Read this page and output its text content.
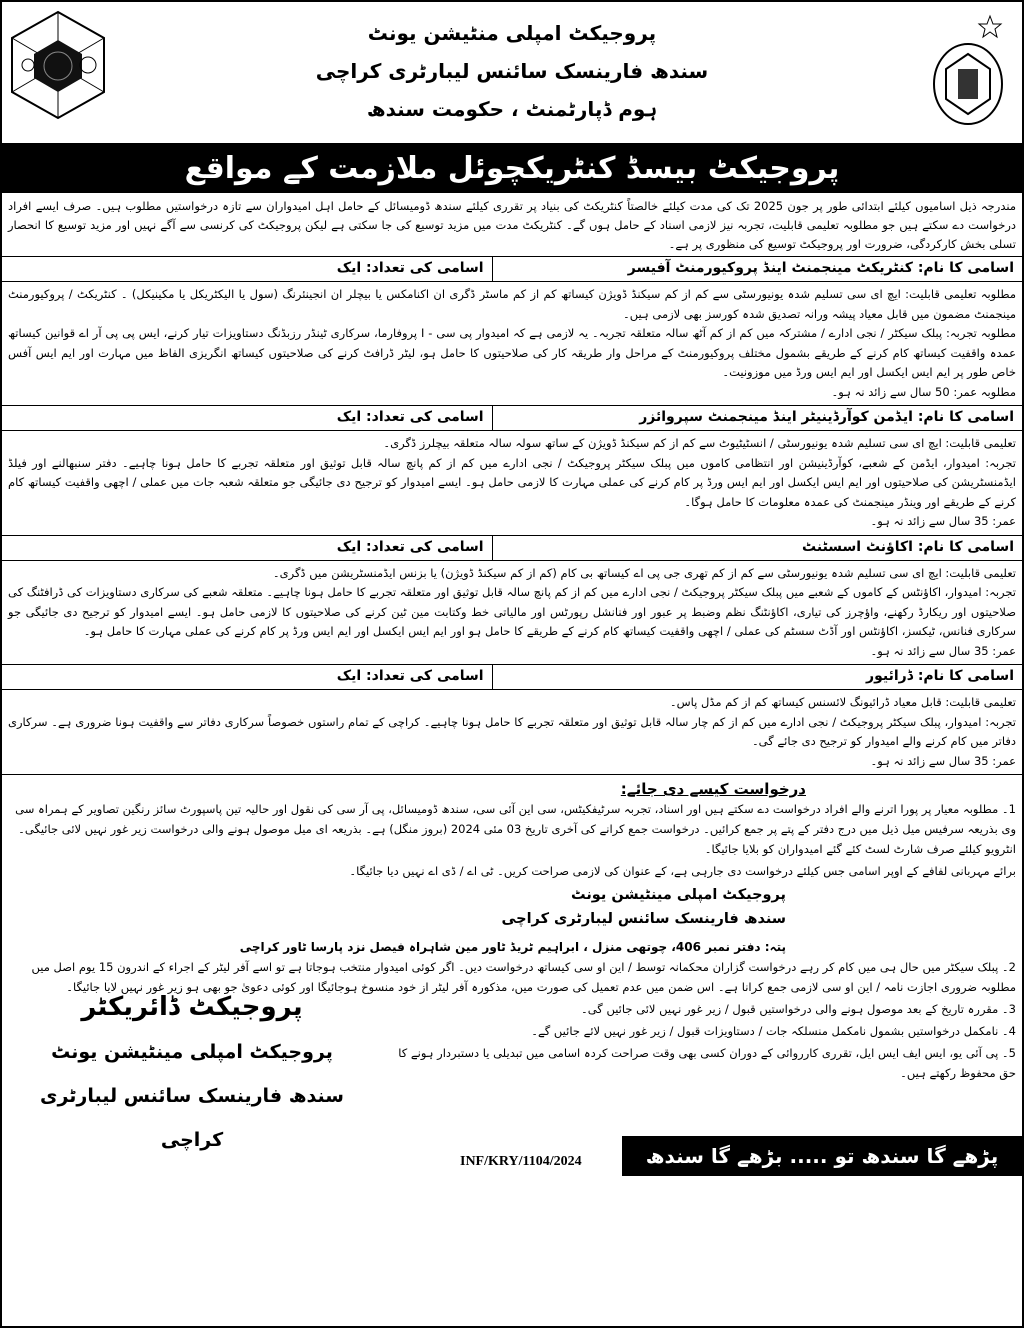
پروجیکٹ امپلی منٹیشن یونٹ
سندھ فارینسک سائنس لیبارٹری کراچی
ہوم ڈپارٹمنٹ ، حکومت سندھ
پروجیکٹ بیسڈ کنٹریکچوئل ملازمت کے مواقع
مندرجہ ذیل اسامیوں کیلئے ابتدائی طور پر جون 2025 تک کی مدت کیلئے خالصتاً کنٹریکٹ کی بنیاد پر تقرری کیلئے سندھ ڈومیسائل کے حامل اہل امیدواران سے تازہ درخواستیں مطلوب ہیں۔ صرف ایسے افراد درخواست دے سکتے ہیں جو مطلوبہ تعلیمی قابلیت، تجربہ نیز لازمی اسناد کے حامل ہوں گے۔ کنٹریکٹ مدت میں مزید توسیع کی جا سکتی ہے لیکن پروجیکٹ کی کرنسی سے آگے نہیں اور مزید توسیع کا انحصار تسلی بخش کارکردگی، ضرورت اور پروجیکٹ توسیع کی منظوری پر ہے۔
اسامی کا نام: کنٹریکٹ مینجمنٹ اینڈ پروکیورمنٹ آفیسر
اسامی کی تعداد: ایک

مطلوبہ تعلیمی قابلیت: ایچ ای سی تسلیم شدہ یونیورسٹی سے کم از کم سیکنڈ ڈویژن کیساتھ کم از کم ماسٹر ڈگری ان اکنامکس یا بیچلر ان انجینئرنگ (سول یا الیکٹریکل یا مکینیکل) ۔ کنٹریکٹ / پروکیورمنٹ مینجمنٹ مضمون میں قابل معیاد پیشہ ورانہ تصدیق شدہ کورسز بھی لازمی ہیں۔

مطلوبہ تجربہ: پبلک سیکٹر / نجی ادارے / مشترکہ میں کم از کم آٹھ سالہ متعلقہ تجربہ۔ یہ لازمی ہے کہ امیدوار پی سی - I پروفارما، سرکاری ٹینڈر رزبڈنگ دستاویزات تیار کرنے، ایس پی پی آر اے قوانین کیساتھ عمدہ واقفیت کیساتھ کام کرنے کے طریقے بشمول مختلف پروکیورمنٹ کے مراحل وار طریقہ کار کی صلاحیتوں کا حامل ہو، لیٹر ڈرافٹ کرنے کی صلاحیتوں کیساتھ انگریزی الفاظ میں مہارت اور ایم ایس آفس خاص طور پر ایم ایس ایکسل اور ایم ایس ورڈ میں موزونیت۔

مطلوبہ عمر: 50 سال سے زائد نہ ہو۔

اسامی کا نام: ایڈمن کوآرڈینیٹر اینڈ مینجمنٹ سپروائزر
اسامی کی تعداد: ایک

تعلیمی قابلیت: ایچ ای سی تسلیم شدہ یونیورسٹی / انسٹیٹیوٹ سے کم از کم سیکنڈ ڈویژن کے ساتھ سولہ سالہ متعلقہ بیچلرز ڈگری۔

تجربہ: امیدوار، ایڈمن کے شعبے، کوآرڈینیشن اور انتظامی کاموں میں پبلک سیکٹر پروجیکٹ / نجی ادارے میں کم از کم پانچ سالہ قابل توثیق اور متعلقہ تجربے کا حامل ہونا چاہیے۔ دفتر سنبھالنے اور فیلڈ ایڈمنسٹریشن کی صلاحیتوں اور ایم ایس ایکسل اور ایم ایس ورڈ پر کام کرنے کی عملی مہارت کا لازمی حامل ہو۔ ایسے امیدوار کو ترجیح دی جائیگی جو متعلقہ شعبہ جات میں عملی / اچھی واقفیت کیساتھ کام کرنے کے طریقے اور وینڈر مینجمنٹ کی عمدہ معلومات کا حامل ہوگا۔

عمر: 35 سال سے زائد نہ ہو۔

اسامی کا نام: اکاؤنٹ اسسٹنٹ
اسامی کی تعداد: ایک

تعلیمی قابلیت: ایچ ای سی تسلیم شدہ یونیورسٹی سے کم از کم تھری جی پی اے کیساتھ بی کام (کم از کم سیکنڈ ڈویژن) یا بزنس ایڈمنسٹریشن میں ڈگری۔

تجربہ: امیدوار، اکاؤنٹس کے کاموں کے شعبے میں پبلک سیکٹر پروجیکٹ / نجی ادارے میں کم از کم پانچ سالہ قابل توثیق اور متعلقہ تجربے کا حامل ہونا چاہیے۔ متعلقہ شعبے کی سرکاری دستاویزات کی ڈرافٹنگ کی صلاحیتوں اور ریکارڈ رکھنے، واؤچرز کی تیاری، اکاؤنٹنگ نظم وضبط پر عبور اور فنانشل رپورٹس اور مالیاتی خط وکتابت مین ٹین کرنے کی صلاحیتوں کا لازمی حامل ہو۔ ایسے امیدوار کو ترجیح دی جائیگی جو سرکاری فنانس، ٹیکسز، اکاؤنٹس اور آڈٹ سسٹم کی عملی / اچھی واقفیت کیساتھ کام کرنے کے طریقے کا حامل ہو اور ایم ایس ایکسل اور ایم ایس ورڈ پر کام کرنے کی عملی مہارت کا حامل ہو۔

عمر: 35 سال سے زائد نہ ہو۔

اسامی کا نام: ڈرائیور
اسامی کی تعداد: ایک

تعلیمی قابلیت: قابل معیاد ڈرائیونگ لائسنس کیساتھ کم از کم مڈل پاس۔

تجربہ: امیدوار، پبلک سیکٹر پروجیکٹ / نجی ادارے میں کم از کم چار سالہ قابل توثیق اور متعلقہ تجربے کا حامل ہونا چاہیے۔ کراچی کے تمام راستوں خصوصاً سرکاری دفاتر سے واقفیت ہونا ضروری ہے۔ سرکاری دفاتر میں کام کرنے والے امیدوار کو ترجیح دی جائے گی۔

عمر: 35 سال سے زائد نہ ہو۔

درخواست کیسے دی جائے:

1۔ مطلوبہ معیار پر پورا اترنے والے افراد درخواست دے سکتے ہیں اور اسناد، تجربہ سرٹیفکیٹس، سی این آئی سی، سندھ ڈومیسائل، پی آر سی کی نقول اور حالیہ تین پاسپورٹ سائز رنگین تصاویر کے ہمراہ سی وی بذریعہ سرفیس میل ذیل میں درج دفتر کے پتے پر جمع کرائیں۔ درخواست جمع کرانے کی آخری تاریخ 03 مئی 2024 (بروز منگل) ہے۔ بذریعہ ای میل موصول ہونے والی درخواست زیر غور نہیں لائی جائیگی۔ انٹرویو کیلئے صرف شارٹ لسٹ کئے گئے امیدواران کو بلایا جائیگا۔

برائے مہربانی لفافے کے اوپر اسامی جس کیلئے درخواست دی جارہی ہے، کے عنوان کی لازمی صراحت کریں۔ ٹی اے / ڈی اے نہیں دیا جائیگا۔

پروجیکٹ امپلی مینٹیشن یونٹ
سندھ فارینسک سائنس لیبارٹری کراچی
پتہ: دفتر نمبر 406، چوتھی منزل ، ابراہیم ٹریڈ ٹاور مین شاہراہ فیصل نزد پارسا ٹاور کراچی

2۔ پبلک سیکٹر میں حال ہی میں کام کر رہے درخواست گزاران محکمانہ توسط / این او سی کیساتھ درخواست دیں۔ اگر کوئی امیدوار منتخب ہوجاتا ہے تو اسے آفر لیٹر کے اجراء کے اندرون 15 یوم اصل میں مطلوبہ ضروری اجازت نامہ / این او سی لازمی جمع کرانا ہے۔ اس ضمن میں عدم تعمیل کی صورت میں، مذکورہ آفر لیٹر از خود منسوخ ہوجائیگا اور کوئی دعویٰ جو بھی ہو زیر غور نہیں لایا جائیگا۔

3۔ مقررہ تاریخ کے بعد موصول ہونے والی درخواستیں قبول / زیر غور نہیں لائی جائیں گی۔

4۔ نامکمل درخواستیں بشمول نامکمل منسلکہ جات / دستاویزات قبول / زیر غور نہیں لائے جائیں گے۔

5۔ پی آئی یو، ایس ایف ایس ایل، تقرری کارروائی کے دوران کسی بھی وقت صراحت کردہ اسامی میں تبدیلی یا دستبردار ہونے کا حق محفوظ رکھتے ہیں۔

پروجیکٹ ڈائریکٹر
پروجیکٹ امپلی مینٹیشن یونٹ
سندھ فارینسک سائنس لیبارٹری کراچی
INF/KRY/1104/2024	پڑھے گا سندھ تو ..... بڑھے گا سندھ
